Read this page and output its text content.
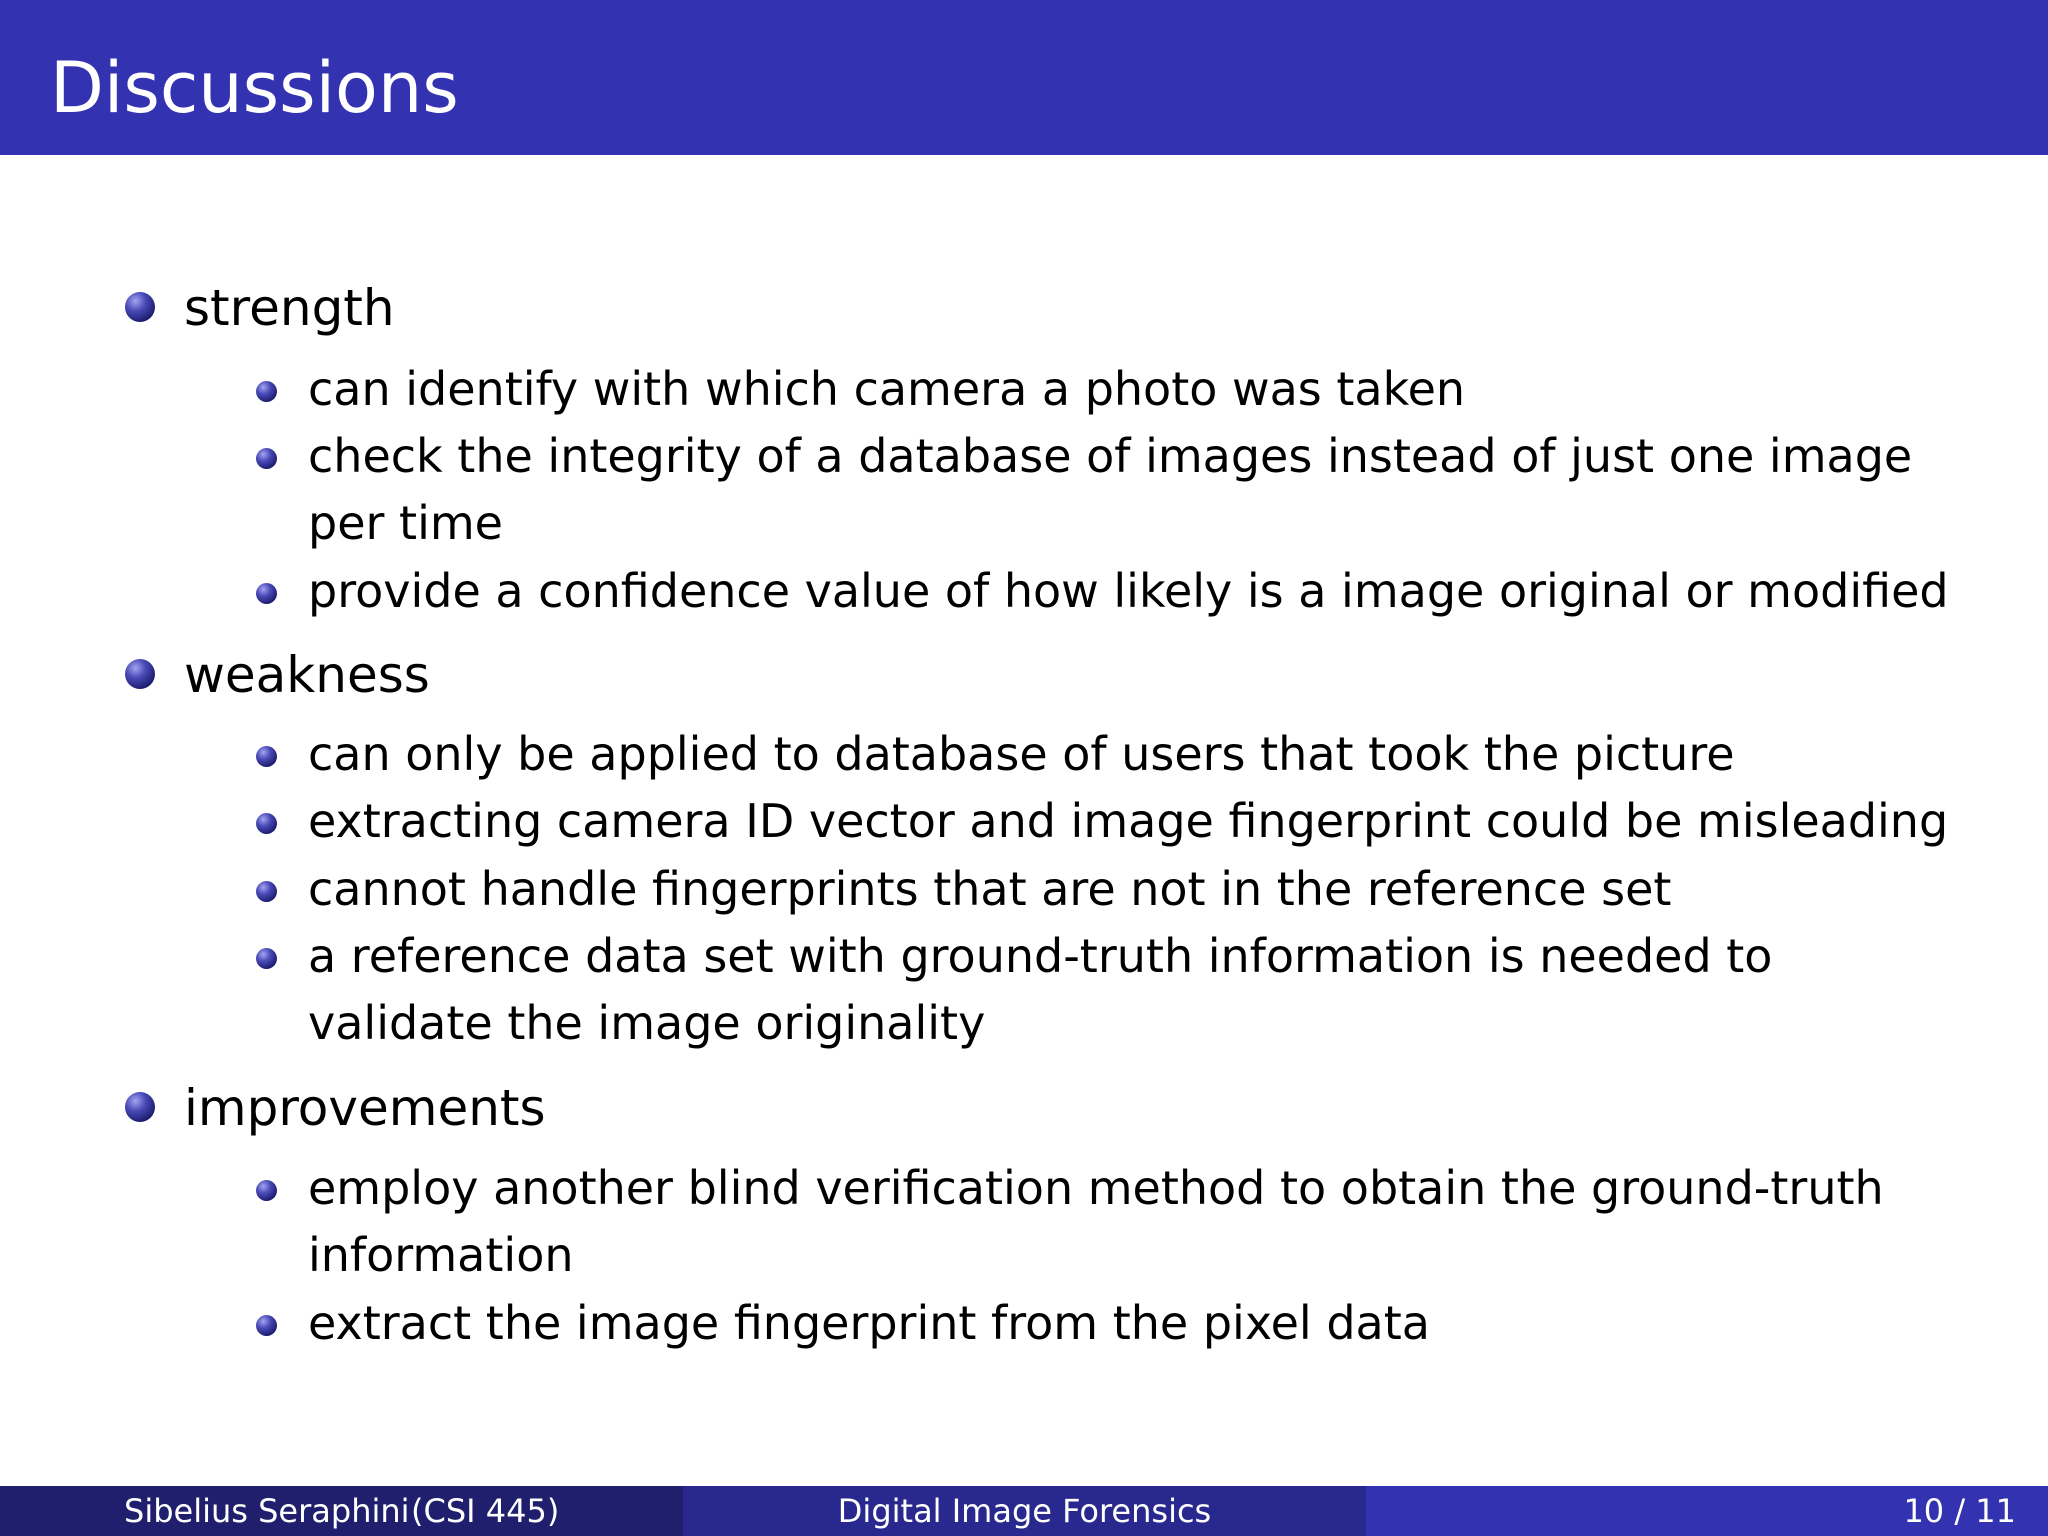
Discussions
strength
can identify with which camera a photo was taken
check the integrity of a database of images instead of just one image
per time
provide a confidence value of how likely is a image original or modified
weakness
can only be applied to database of users that took the picture
extracting camera ID vector and image fingerprint could be misleading
cannot handle fingerprints that are not in the reference set
a reference data set with ground-truth information is needed to
validate the image originality
improvements
employ another blind verification method to obtain the ground-truth
information
extract the image fingerprint from the pixel data
Sibelius Seraphini (CSI 445)	Digital Image Forensics	10 / 11
